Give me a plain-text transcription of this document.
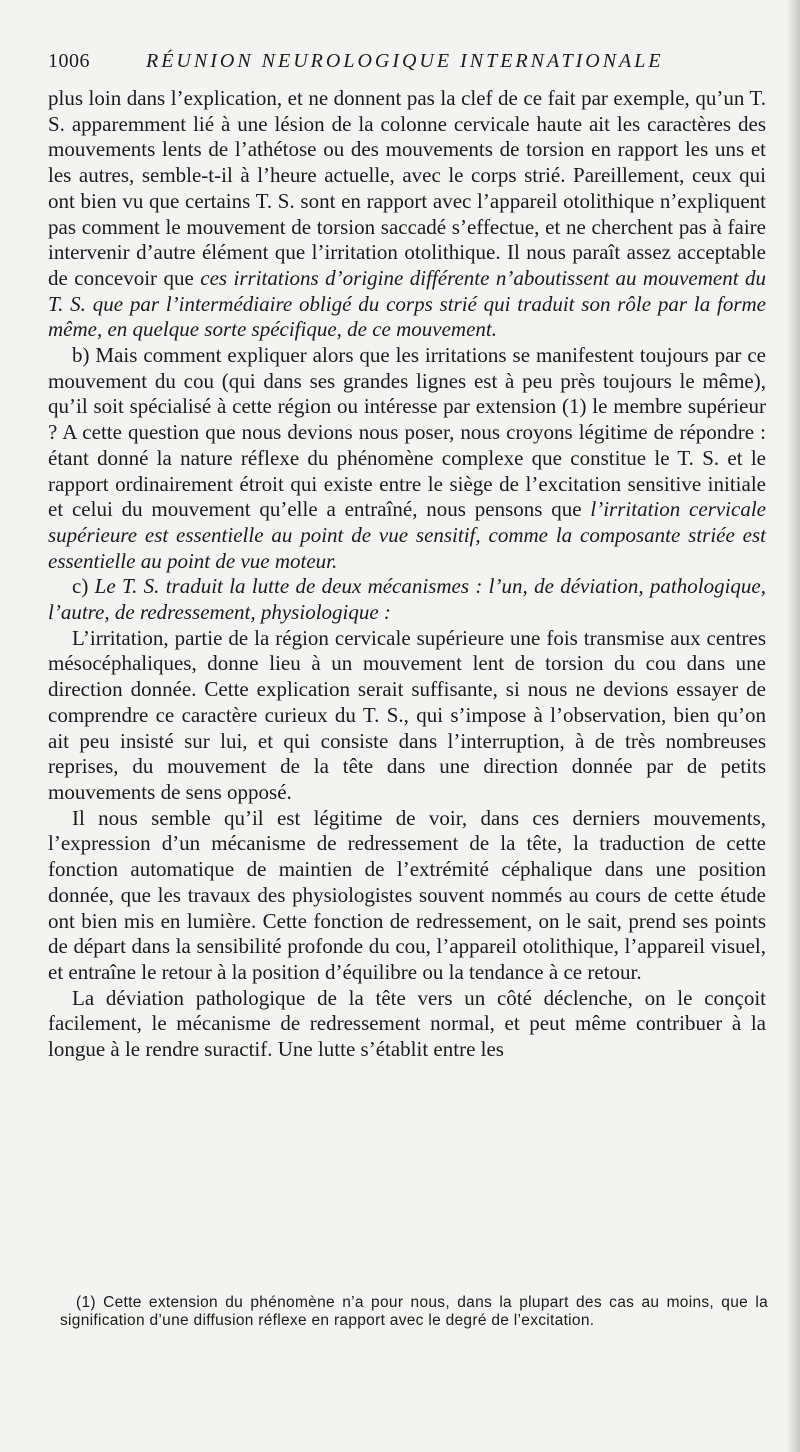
1006	RÉUNION NEUROLOGIQUE INTERNATIONALE

plus loin dans l’explication, et ne donnent pas la clef de ce fait par exemple, qu’un T. S. apparemment lié à une lésion de la colonne cervicale haute ait les caractères des mouvements lents de l’athétose ou des mouvements de torsion en rapport les uns et les autres, semble-t-il à l’heure actuelle, avec le corps strié. Pareillement, ceux qui ont bien vu que certains T. S. sont en rapport avec l’appareil otolithique n’expliquent pas comment le mouvement de torsion saccadé s’effectue, et ne cherchent pas à faire intervenir d’autre élément que l’irritation otolithique. Il nous paraît assez acceptable de concevoir que ces irritations d’origine différente n’aboutissent au mouvement du T. S. que par l’intermédiaire obligé du corps strié qui traduit son rôle par la forme même, en quelque sorte spécifique, de ce mouvement.

b) Mais comment expliquer alors que les irritations se manifestent toujours par ce mouvement du cou (qui dans ses grandes lignes est à peu près toujours le même), qu’il soit spécialisé à cette région ou intéresse par extension (1) le membre supérieur ? A cette question que nous devions nous poser, nous croyons légitime de répondre : étant donné la nature réflexe du phénomène complexe que constitue le T. S. et le rapport ordinairement étroit qui existe entre le siège de l’excitation sensitive initiale et celui du mouvement qu’elle a entraîné, nous pensons que l’irritation cervicale supérieure est essentielle au point de vue sensitif, comme la composante striée est essentielle au point de vue moteur.

c) Le T. S. traduit la lutte de deux mécanismes : l’un, de déviation, pathologique, l’autre, de redressement, physiologique :

L’irritation, partie de la région cervicale supérieure une fois transmise aux centres mésocéphaliques, donne lieu à un mouvement lent de torsion du cou dans une direction donnée. Cette explication serait suffisante, si nous ne devions essayer de comprendre ce caractère curieux du T. S., qui s’impose à l’observation, bien qu’on ait peu insisté sur lui, et qui consiste dans l’interruption, à de très nombreuses reprises, du mouvement de la tête dans une direction donnée par de petits mouvements de sens opposé.

Il nous semble qu’il est légitime de voir, dans ces derniers mouvements, l’expression d’un mécanisme de redressement de la tête, la traduction de cette fonction automatique de maintien de l’extrémité céphalique dans une position donnée, que les travaux des physiologistes souvent nommés au cours de cette étude ont bien mis en lumière. Cette fonction de redressement, on le sait, prend ses points de départ dans la sensibilité profonde du cou, l’appareil otolithique, l’appareil visuel, et entraîne le retour à la position d’équilibre ou la tendance à ce retour.

La déviation pathologique de la tête vers un côté déclenche, on le conçoit facilement, le mécanisme de redressement normal, et peut même contribuer à la longue à le rendre suractif. Une lutte s’établit entre les

(1) Cette extension du phénomène n’a pour nous, dans la plupart des cas au moins, que la signification d’une diffusion réflexe en rapport avec le degré de l’excitation.
